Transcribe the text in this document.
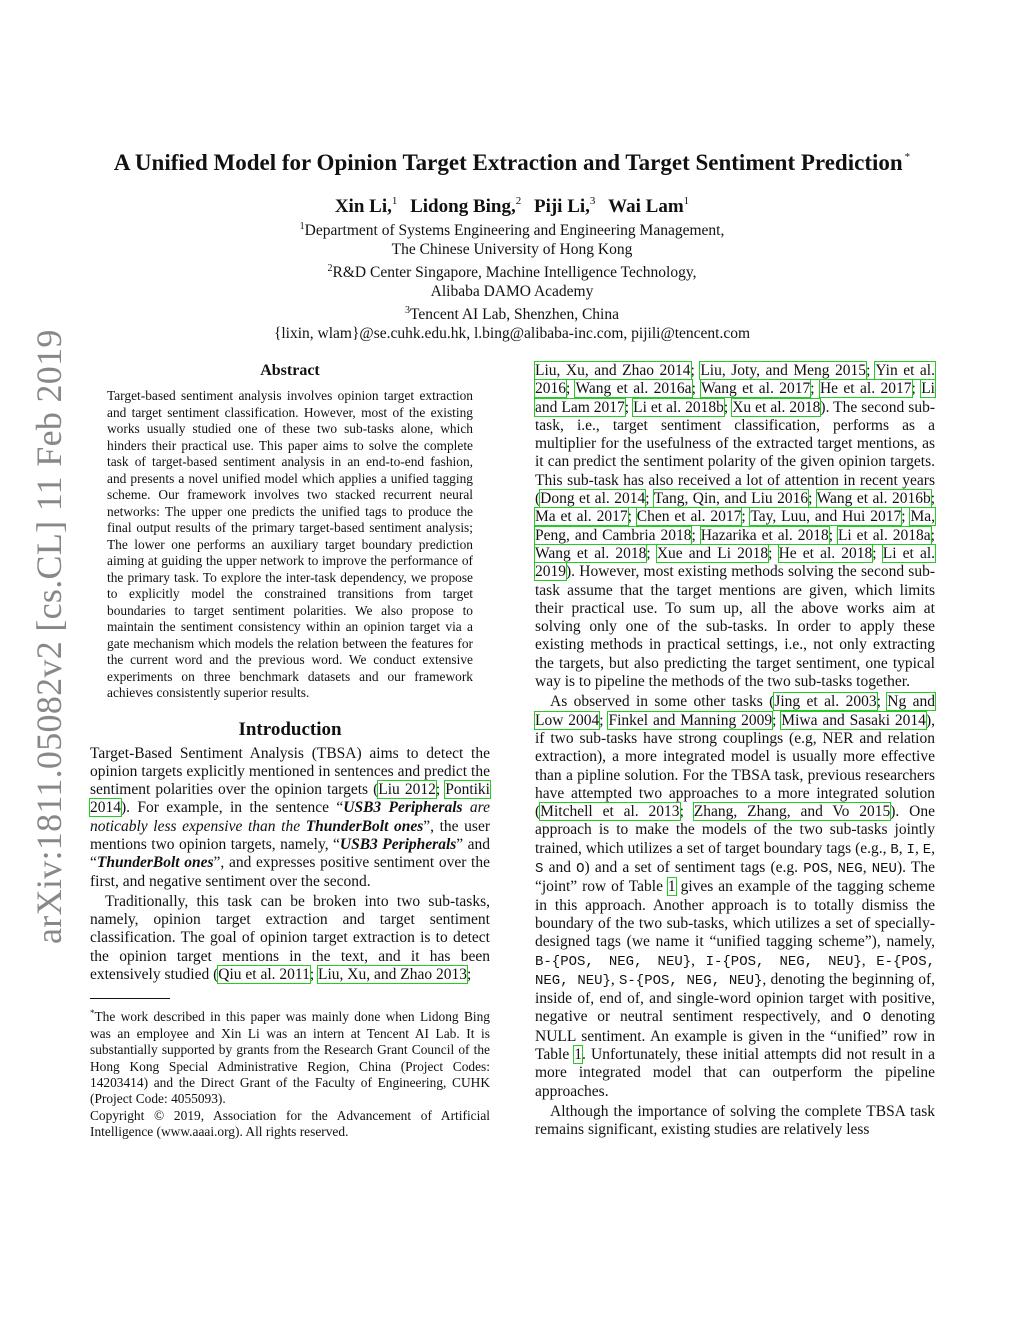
arXiv:1811.05082v2 [cs.CL] 11 Feb 2019
A Unified Model for Opinion Target Extraction and Target Sentiment Prediction *
Xin Li,$^1$ Lidong Bing,$^2$ Piji Li,$^3$ Wai Lam$^1$
$^1$Department of Systems Engineering and Engineering Management,
The Chinese University of Hong Kong
$^2$R&D Center Singapore, Machine Intelligence Technology,
Alibaba DAMO Academy
$^3$Tencent AI Lab, Shenzhen, China
{lixin, wlam}@se.cuhk.edu.hk, l.bing@alibaba-inc.com, pijili@tencent.com
Abstract
Target-based sentiment analysis involves opinion target extraction and target sentiment classification. However, most of the existing works usually studied one of these two sub-tasks alone, which hinders their practical use. This paper aims to solve the complete task of target-based sentiment analysis in an end-to-end fashion, and presents a novel unified model which applies a unified tagging scheme. Our framework involves two stacked recurrent neural networks: The upper one predicts the unified tags to produce the final output results of the primary target-based sentiment analysis; The lower one performs an auxiliary target boundary prediction aiming at guiding the upper network to improve the performance of the primary task. To explore the inter-task dependency, we propose to explicitly model the constrained transitions from target boundaries to target sentiment polarities. We also propose to maintain the sentiment consistency within an opinion target via a gate mechanism which models the relation between the features for the current word and the previous word. We conduct extensive experiments on three benchmark datasets and our framework achieves consistently superior results.
Introduction

Target-Based Sentiment Analysis (TBSA) aims to detect the opinion targets explicitly mentioned in sentences and predict the sentiment polarities over the opinion targets (Liu 2012; Pontiki 2014). For example, in the sentence “USB3 Peripherals are noticably less expensive than the ThunderBolt ones”, the user mentions two opinion targets, namely, “USB3 Peripherals” and “ThunderBolt ones”, and expresses positive sentiment over the first, and negative sentiment over the second.

Traditionally, this task can be broken into two sub-tasks, namely, opinion target extraction and target sentiment classification. The goal of opinion target extraction is to detect the opinion target mentions in the text, and it has been extensively studied (Qiu et al. 2011; Liu, Xu, and Zhao 2013;

*The work described in this paper was mainly done when Lidong Bing was an employee and Xin Li was an intern at Tencent AI Lab. It is substantially supported by grants from the Research Grant Council of the Hong Kong Special Administrative Region, China (Project Codes: 14203414) and the Direct Grant of the Faculty of Engineering, CUHK (Project Code: 4055093).

Copyright © 2019, Association for the Advancement of Artificial Intelligence (www.aaai.org). All rights reserved.

Liu, Xu, and Zhao 2014; Liu, Joty, and Meng 2015; Yin et al. 2016; Wang et al. 2016a; Wang et al. 2017; He et al. 2017; Li and Lam 2017; Li et al. 2018b; Xu et al. 2018). The second sub-task, i.e., target sentiment classification, performs as a multiplier for the usefulness of the extracted target mentions, as it can predict the sentiment polarity of the given opinion targets. This sub-task has also received a lot of attention in recent years (Dong et al. 2014; Tang, Qin, and Liu 2016; Wang et al. 2016b; Ma et al. 2017; Chen et al. 2017; Tay, Luu, and Hui 2017; Ma, Peng, and Cambria 2018; Hazarika et al. 2018; Li et al. 2018a; Wang et al. 2018; Xue and Li 2018; He et al. 2018; Li et al. 2019). However, most existing methods solving the second sub-task assume that the target mentions are given, which limits their practical use. To sum up, all the above works aim at solving only one of the sub-tasks. In order to apply these existing methods in practical settings, i.e., not only extracting the targets, but also predicting the target sentiment, one typical way is to pipeline the methods of the two sub-tasks together.

As observed in some other tasks (Jing et al. 2003; Ng and Low 2004; Finkel and Manning 2009; Miwa and Sasaki 2014), if two sub-tasks have strong couplings (e.g, NER and relation extraction), a more integrated model is usually more effective than a pipline solution. For the TBSA task, previous researchers have attempted two approaches to a more integrated solution (Mitchell et al. 2013; Zhang, Zhang, and Vo 2015). One approach is to make the models of the two sub-tasks jointly trained, which utilizes a set of target boundary tags (e.g., B, I, E, S and O) and a set of sentiment tags (e.g. POS, NEG, NEU). The “joint” row of Table 1 gives an example of the tagging scheme in this approach. Another approach is to totally dismiss the boundary of the two sub-tasks, which utilizes a set of specially-designed tags (we name it “unified tagging scheme”), namely, B-{POS, NEG, NEU}, I-{POS, NEG, NEU}, E-{POS, NEG, NEU}, S-{POS, NEG, NEU}, denoting the beginning of, inside of, end of, and single-word opinion target with positive, negative or neutral sentiment respectively, and O denoting NULL sentiment. An example is given in the “unified” row in Table 1. Unfortunately, these initial attempts did not result in a more integrated model that can outperform the pipeline approaches.

Although the importance of solving the complete TBSA task remains significant, existing studies are relatively less
